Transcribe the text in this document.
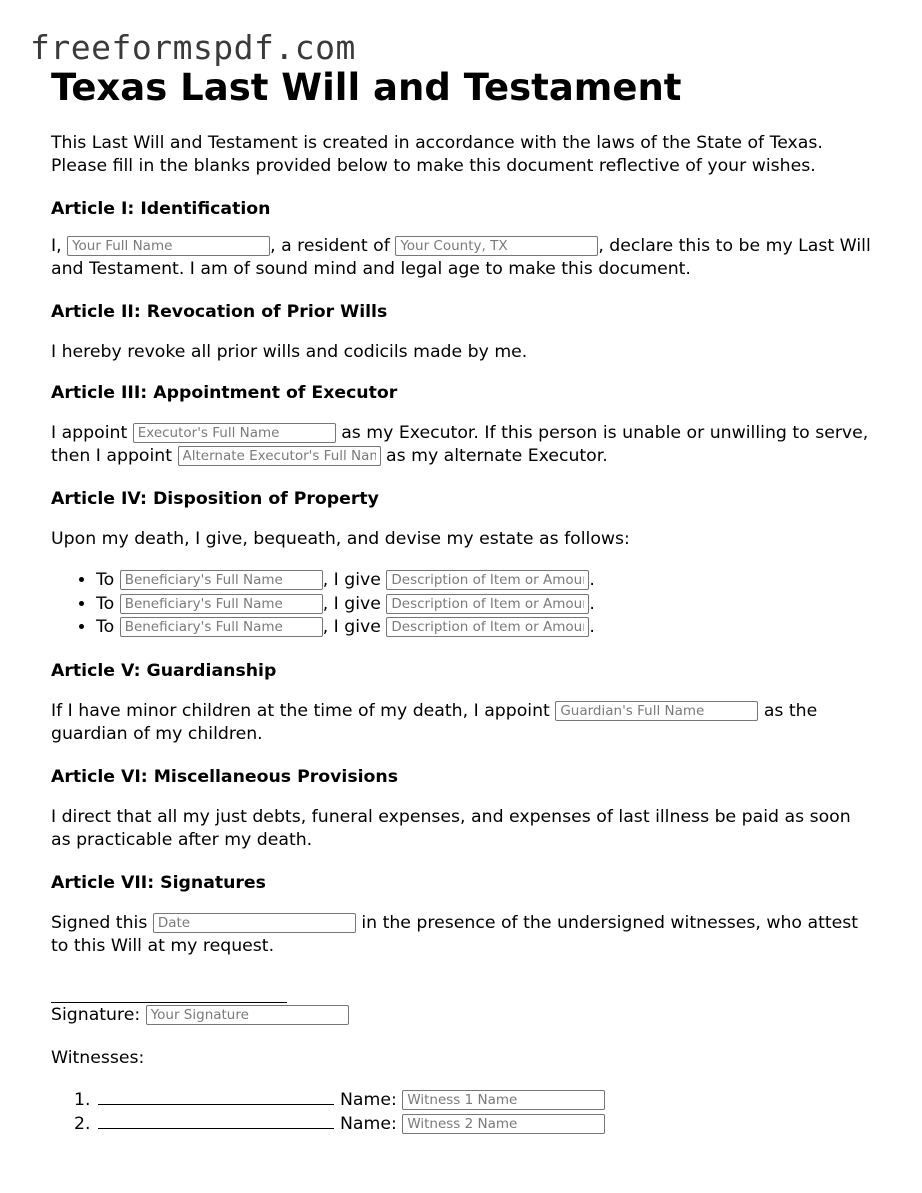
freeformspdf.com
Texas Last Will and Testament

This Last Will and Testament is created in accordance with the laws of the State of Texas. Please fill in the blanks provided below to make this document reflective of your wishes.

Article I: Identification

I, Your Full Name	, a resident of Your County, TX	, declare this to be my Last Will and Testament. I am of sound mind and legal age to make this document.

Article II: Revocation of Prior Wills

I hereby revoke all prior wills and codicils made by me.

Article III: Appointment of Executor

I appoint Executor's Full Name	as my Executor. If this person is unable or unwilling to serve, then I appoint Alternate Executor's Full Name	as my alternate Executor.

Article IV: Disposition of Property

Upon my death, I give, bequeath, and devise my estate as follows:

• To Beneficiary's Full Name	, I give Description of Item or Amount	.
• To Beneficiary's Full Name	, I give Description of Item or Amount	.
• To Beneficiary's Full Name	, I give Description of Item or Amount	.
Article V: Guardianship

If I have minor children at the time of my death, I appoint Guardian's Full Name	as the guardian of my children.

Article VI: Miscellaneous Provisions

I direct that all my just debts, funeral expenses, and expenses of last illness be paid as soon as practicable after my death.

Article VII: Signatures

Signed this Date	in the presence of the undersigned witnesses, who attest to this Will at my request.

Signature: Your Signature

Witnesses:

1. Name: Witness 1 Name
2. Name: Witness 2 Name
